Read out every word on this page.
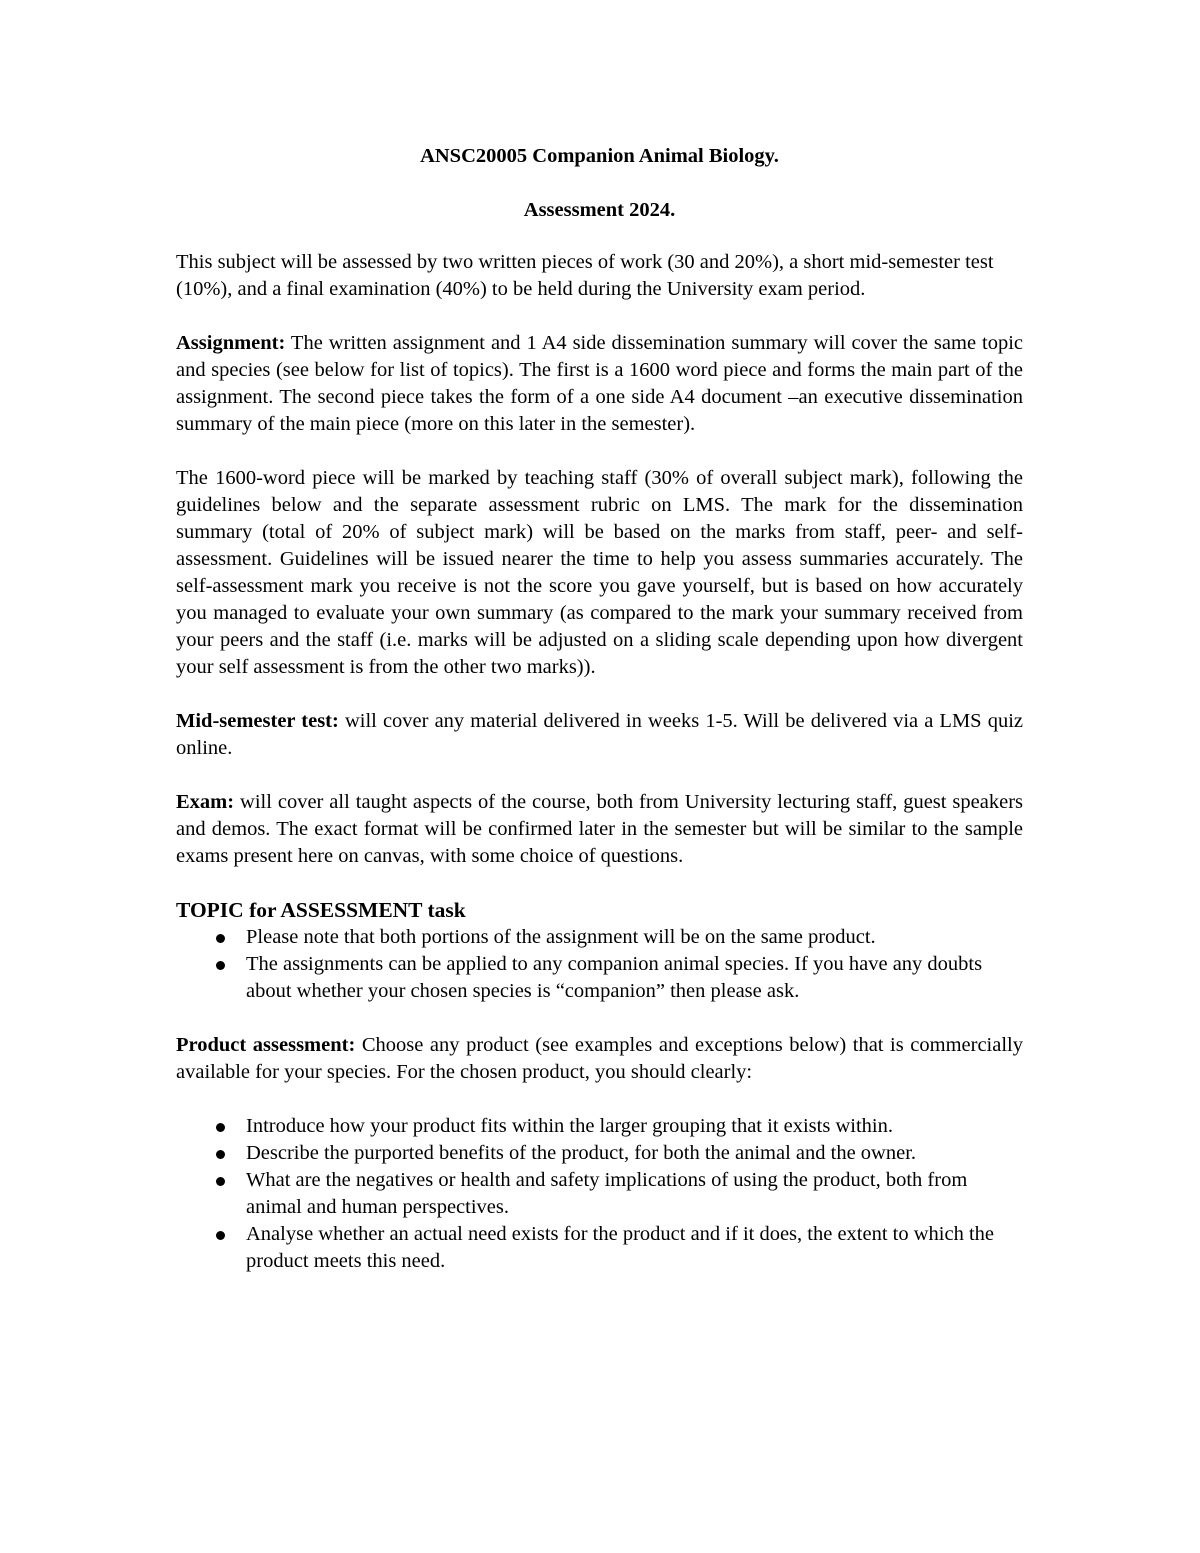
ANSC20005 Companion Animal Biology.

Assessment 2024.

This subject will be assessed by two written pieces of work (30 and 20%), a short mid-semester test (10%), and a final examination (40%) to be held during the University exam period.

Assignment: The written assignment and 1 A4 side dissemination summary will cover the same topic and species (see below for list of topics). The first is a 1600 word piece and forms the main part of the assignment. The second piece takes the form of a one side A4 document –an executive dissemination summary of the main piece (more on this later in the semester).

The 1600-word piece will be marked by teaching staff (30% of overall subject mark), following the guidelines below and the separate assessment rubric on LMS. The mark for the dissemination summary (total of 20% of subject mark) will be based on the marks from staff, peer- and self-assessment. Guidelines will be issued nearer the time to help you assess summaries accurately. The self-assessment mark you receive is not the score you gave yourself, but is based on how accurately you managed to evaluate your own summary (as compared to the mark your summary received from your peers and the staff (i.e. marks will be adjusted on a sliding scale depending upon how divergent your self assessment is from the other two marks)).

Mid-semester test: will cover any material delivered in weeks 1-5. Will be delivered via a LMS quiz online.

Exam: will cover all taught aspects of the course, both from University lecturing staff, guest speakers and demos. The exact format will be confirmed later in the semester but will be similar to the sample exams present here on canvas, with some choice of questions.

TOPIC for ASSESSMENT task

Please note that both portions of the assignment will be on the same product.
The assignments can be applied to any companion animal species. If you have any doubts about whether your chosen species is “companion” then please ask.

Product assessment: Choose any product (see examples and exceptions below) that is commercially available for your species. For the chosen product, you should clearly:

Introduce how your product fits within the larger grouping that it exists within.
Describe the purported benefits of the product, for both the animal and the owner.
What are the negatives or health and safety implications of using the product, both from animal and human perspectives.
Analyse whether an actual need exists for the product and if it does, the extent to which the product meets this need.
